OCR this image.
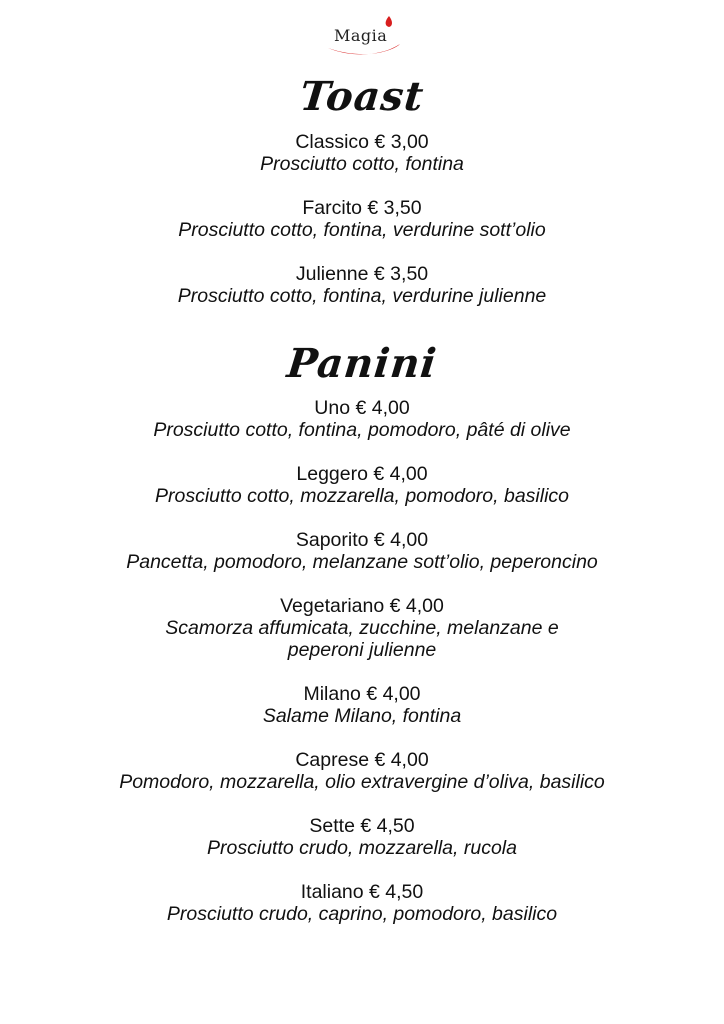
Magia
Toast
Classico € 3,00
Prosciutto cotto, fontina
Farcito € 3,50
Prosciutto cotto, fontina, verdurine sott’olio
Julienne € 3,50
Prosciutto cotto, fontina, verdurine julienne
Panini
Uno € 4,00
Prosciutto cotto, fontina, pomodoro, pâté di olive
Leggero € 4,00
Prosciutto cotto, mozzarella, pomodoro, basilico
Saporito € 4,00
Pancetta, pomodoro, melanzane sott’olio, peperoncino
Vegetariano € 4,00
Scamorza affumicata, zucchine, melanzane e peperoni julienne
Milano € 4,00
Salame Milano, fontina
Caprese € 4,00
Pomodoro, mozzarella, olio extravergine d’oliva, basilico
Sette € 4,50
Prosciutto crudo, mozzarella, rucola
Italiano € 4,50
Prosciutto crudo, caprino, pomodoro, basilico
